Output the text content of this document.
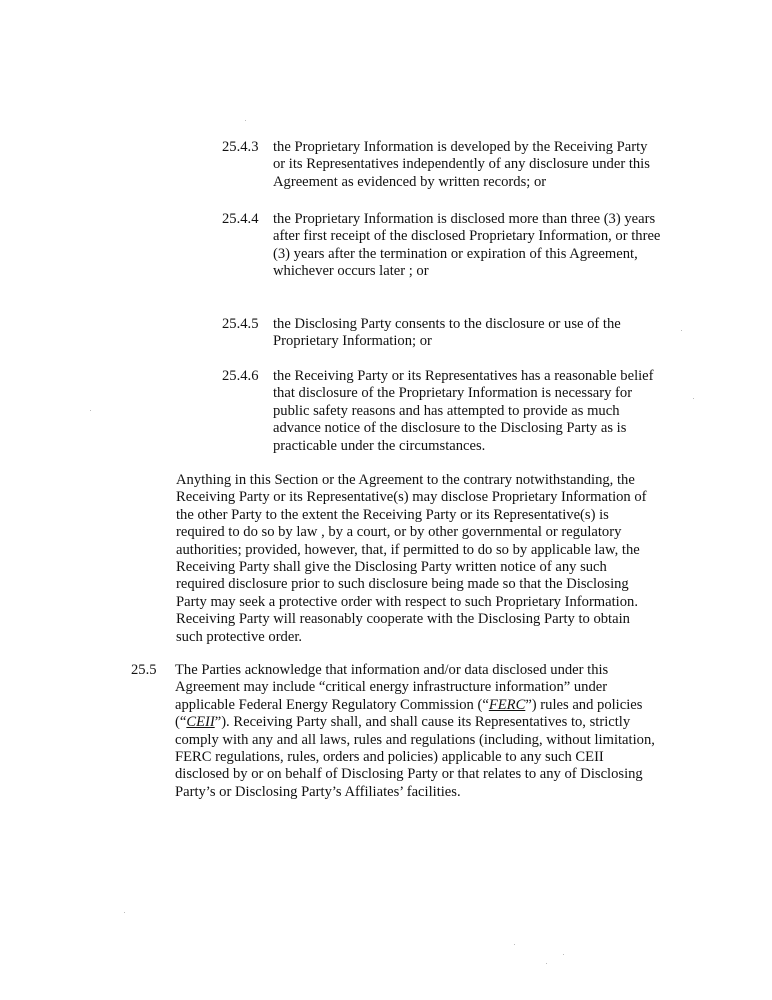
25.4.3 the Proprietary Information is developed by the Receiving Party
or its Representatives independently of any disclosure under this
Agreement as evidenced by written records; or
25.4.4 the Proprietary Information is disclosed more than three (3) years
after first receipt of the disclosed Proprietary Information, or three
(3) years after the termination or expiration of this Agreement,
whichever occurs later ; or
25.4.5 the Disclosing Party consents to the disclosure or use of the
Proprietary Information; or
25.4.6 the Receiving Party or its Representatives has a reasonable belief
that disclosure of the Proprietary Information is necessary for
public safety reasons and has attempted to provide as much
advance notice of the disclosure to the Disclosing Party as is
practicable under the circumstances.
Anything in this Section or the Agreement to the contrary notwithstanding, the
Receiving Party or its Representative(s) may disclose Proprietary Information of
the other Party to the extent the Receiving Party or its Representative(s) is
required to do so by law , by a court, or by other governmental or regulatory
authorities; provided, however, that, if permitted to do so by applicable law, the
Receiving Party shall give the Disclosing Party written notice of any such
required disclosure prior to such disclosure being made so that the Disclosing
Party may seek a protective order with respect to such Proprietary Information.
Receiving Party will reasonably cooperate with the Disclosing Party to obtain
such protective order.
25.5 The Parties acknowledge that information and/or data disclosed under this
Agreement may include “critical energy infrastructure information” under
applicable Federal Energy Regulatory Commission (“FERC”) rules and policies
(“CEII”). Receiving Party shall, and shall cause its Representatives to, strictly
comply with any and all laws, rules and regulations (including, without limitation,
FERC regulations, rules, orders and policies) applicable to any such CEII
disclosed by or on behalf of Disclosing Party or that relates to any of Disclosing
Party’s or Disclosing Party’s Affiliates’ facilities.
